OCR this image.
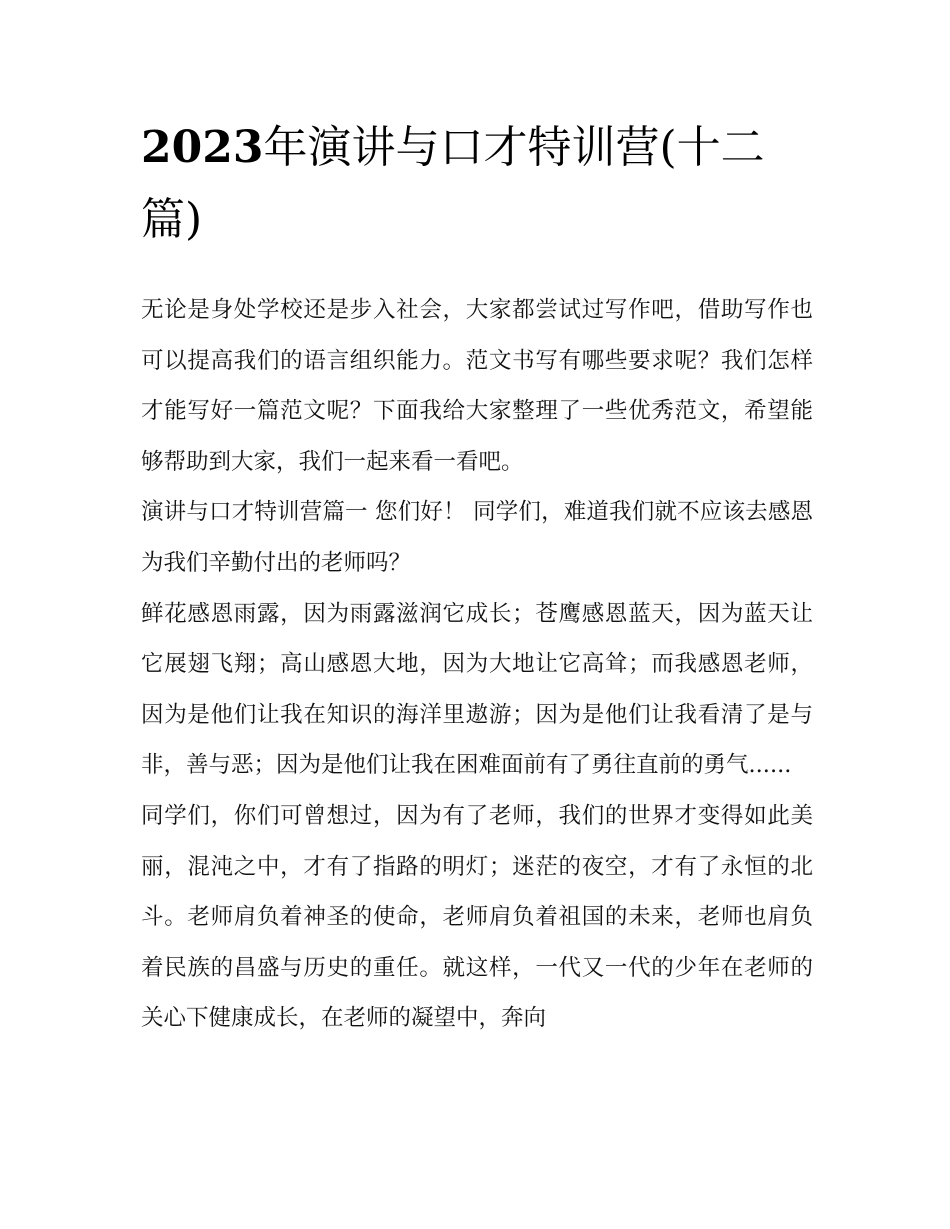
2023年演讲与口才特训营(十二篇)

无论是身处学校还是步入社会，大家都尝试过写作吧，借助写作也可以提高我们的语言组织能力。范文书写有哪些要求呢？我们怎样才能写好一篇范文呢？下面我给大家整理了一些优秀范文，希望能够帮助到大家，我们一起来看一看吧。

演讲与口才特训营篇一 您们好！ 同学们，难道我们就不应该去感恩为我们辛勤付出的老师吗？

鲜花感恩雨露，因为雨露滋润它成长；苍鹰感恩蓝天，因为蓝天让它展翅飞翔；高山感恩大地，因为大地让它高耸；而我感恩老师，因为是他们让我在知识的海洋里遨游；因为是他们让我看清了是与非，善与恶；因为是他们让我在困难面前有了勇往直前的勇气......

同学们，你们可曾想过，因为有了老师，我们的世界才变得如此美丽，混沌之中，才有了指路的明灯；迷茫的夜空，才有了永恒的北斗。老师肩负着神圣的使命，老师肩负着祖国的未来，老师也肩负着民族的昌盛与历史的重任。就这样，一代又一代的少年在老师的关心下健康成长，在老师的凝望中，奔向
